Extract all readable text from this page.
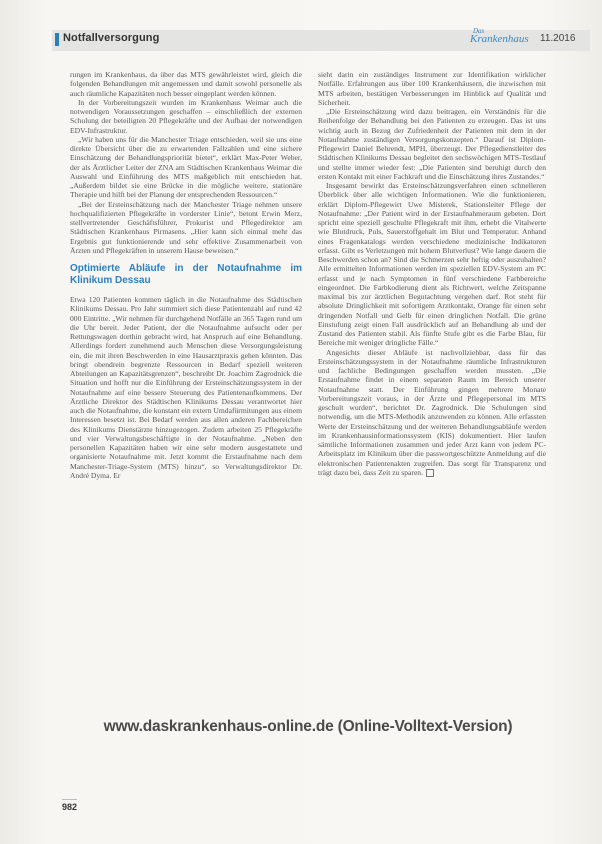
Notfallversorgung
Das
Krankenhaus 11.2016

rungen im Krankenhaus, da über das MTS gewährleistet wird, gleich die folgenden Behandlungen mit angemessen und damit sowohl personelle als auch räumliche Kapazitäten noch besser eingeplant werden können.

In der Vorbereitungszeit wurden im Krankenhaus Weimar auch die notwendigen Voraussetzungen geschaffen – einschließlich der externen Schulung der beteiligten 20 Pflegekräfte und der Aufbau der notwendigen EDV-Infrastruktur.

„Wir haben uns für die Manchester Triage entschieden, weil sie uns eine direkte Übersicht über die zu erwartenden Fallzahlen und eine sichere Einschätzung der Behandlungspriorität bietet“, erklärt Max-Peter Weber, der als Ärztlicher Leiter der ZNA am Städtischen Krankenhaus Weimar die Auswahl und Einführung des MTS maßgeblich mit entschieden hat. „Außerdem bildet sie eine Brücke in die mögliche weitere, stationäre Therapie und hilft bei der Planung der entsprechenden Ressourcen.“

„Bei der Ersteinschätzung nach der Manchester Triage nehmen unsere hochqualifizierten Pflegekräfte in vorderster Linie“, betont Erwin Merz, stellvertretender Geschäftsführer, Prokurist und Pflegedirektor am Städtischen Krankenhaus Pirmasens. „Hier kann sich einmal mehr das Ergebnis gut funktionierende und sehr effektive Zusammenarbeit von Ärzten und Pflegekräften in unserem Hause beweisen.“

Optimierte Abläufe in der Notaufnahme im Klinikum Dessau

Etwa 120 Patienten kommen täglich in die Notaufnahme des Städtischen Klinikums Dessau. Pro Jahr summiert sich diese Patientenzahl auf rund 42 000 Eintritte. „Wir nehmen für durchgehend Notfälle an 365 Tagen rund um die Uhr bereit. Jeder Patient, der die Notaufnahme aufsucht oder per Rettungswagen dorthin gebracht wird, hat Anspruch auf eine Behandlung. Allerdings fordert zunehmend auch Menschen diese Versorgungsleistung ein, die mit ihren Beschwerden in eine Hausarztpraxis gehen könnten. Das bringt obendrein begrenzte Ressourcen in Bedarf speziell weiteren Abteilungen an Kapazitätsgrenzen“, beschreibt Dr. Joachim Zagrodnick die Situation und hofft nur die Einführung der Ersteinschätzungssystem in der Notaufnahme auf eine bessere Steuerung des Patientenaufkommens. Der Ärztliche Direktor des Städtischen Klinikums Dessau verantwortet hier auch die Notaufnahme, die konstant ein extern Umdafürmitungen aus einem Interessen besetzt ist. Bei Bedarf werden aus allen anderen Fachbereichen des Klinikums Dienstärzte hinzugezogen. Zudem arbeiten 25 Pflegekräfte und vier Verwaltungsbeschäftigte in der Notaufnahme. „Neben den personellen Kapazitäten haben wir eine sehr modern ausgestattete und organisierte Notaufnahme mit. Jetzt kommt die Erstaufnahme nach dem Manchester-Triage-System (MTS) hinzu“, so Verwaltungsdirektor Dr. André Dyma. Er

sieht darin ein zuständiges Instrument zur Identifikation wirklicher Notfälle. Erfahrungen aus über 100 Krankenhäusern, die inzwischen mit MTS arbeiten, bestätigen Verbesserungen im Hinblick auf Qualität und Sicherheit.

„Die Ersteinschätzung wird dazu beitragen, ein Verständnis für die Reihenfolge der Behandlung bei den Patienten zu erzeugen. Das ist uns wichtig auch in Bezug der Zufriedenheit der Patienten mit dem in der Notaufnahme zuständigen Versorgungskonzepten.“ Darauf ist Diplom-Pflegewirt Daniel Behrendt, MPH, überzeugt. Der Pflegedienstleiter des Städtischen Klinikums Dessau begleitet den sechswöchigen MTS-Testlauf und stellte immer wieder fest: „Die Patienten sind beruhigt durch den ersten Kontakt mit einer Fachkraft und die Einschätzung ihres Zustandes.“

Insgesamt bewirkt das Ersteinschätzungsverfahren einen schnelleren Überblick über alle wichtigen Informationen. Wie die funktionieren, erklärt Diplom-Pflegewirt Uwe Misterek, Stationsleiter Pflege der Notaufnahme: „Der Patient wird in der Erstaufnahmeraum gebeten. Dort spricht eine speziell geschulte Pflegekraft mit ihm, erhebt die Vitalwerte wie Blutdruck, Puls, Sauerstoffgehalt im Blut und Temperatur. Anhand eines Fragenkatalogs werden verschiedene medizinische Indikatoren erfasst. Gibt es Verletzungen mit hohem Blutverlust? Wie lange dauern die Beschwerden schon an? Sind die Schmerzen sehr heftig oder auszuhalten? Alle ermittelten Informationen werden im speziellen EDV-System am PC erfasst und je nach Symptomen in fünf verschiedene Farbbereiche eingeordnet. Die Farbkodierung dient als Richtwert, welche Zeitspanne maximal bis zur ärztlichen Begutachtung vergehen darf. Rot steht für absolute Dringlichkeit mit sofortigem Arztkontakt, Orange für einen sehr dringenden Notfall und Gelb für einen dringlichen Notfall. Die grüne Einstufung zeigt einen Fall ausdrücklich auf an Behandlung ab und der Zustand des Patienten stabil. Als fünfte Stufe gibt es die Farbe Blau, für Bereiche mit weniger dringliche Fälle.“

Angesichts dieser Abläufe ist nachvollziehbar, dass für das Ersteinschätzungssystem in der Notaufnahme räumliche Infrastrukturen und fachliche Bedingungen geschaffen werden mussten. „Die Erstaufnahme findet in einem separaten Raum im Bereich unserer Notaufnahme statt. Der Einführung gingen mehrere Monate Vorbereitungszeit voraus, in der Ärzte und Pflegepersonal im MTS geschult wurden“, berichtet Dr. Zagrodnick. Die Schulungen sind notwendig, um die MTS-Methodik anzuwenden zu können. Alle erfassten Werte der Ersteinschätzung und der weiteren Behandlungsabläufe werden im Krankenhausinformationssystem (KIS) dokumentiert. Hier laufen sämtliche Informationen zusammen und jeder Arzt kann von jedem PC-Arbeitsplatz im Klinikum über die passwortgeschützte Anmeldung auf die elektronischen Patientenakten zugreifen. Das sorgt für Transparenz und trägt dazu bei, dass Zeit zu sparen.

www.daskrankenhaus-online.de (Online-Volltext-Version)
982
